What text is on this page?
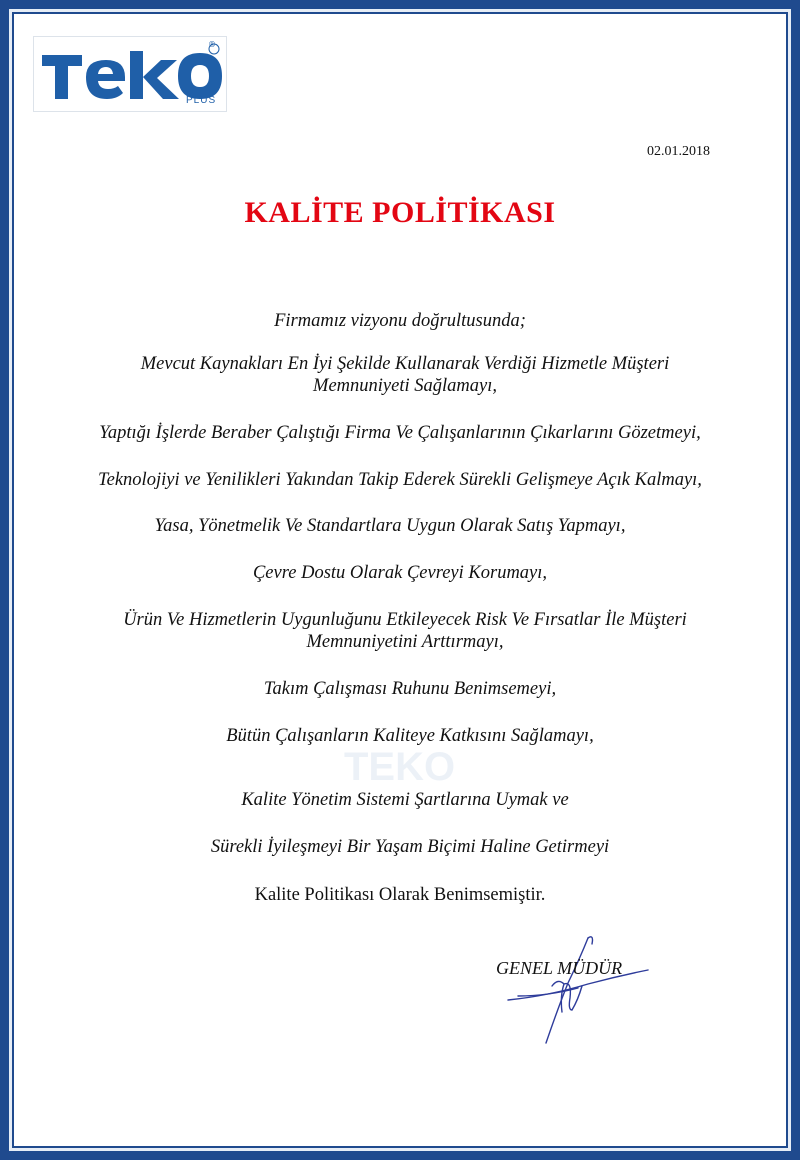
®
PLUS
02.01.2018
KALİTE POLİTİKASI
Firmamız vizyonu doğrultusunda;
Mevcut Kaynakları En İyi Şekilde Kullanarak Verdiği Hizmetle Müşteri Memnuniyeti Sağlamayı,
Yaptığı İşlerde Beraber Çalıştığı Firma Ve Çalışanlarının Çıkarlarını Gözetmeyi,
Teknolojiyi ve Yenilikleri Yakından Takip Ederek Sürekli Gelişmeye Açık Kalmayı,
Yasa, Yönetmelik Ve Standartlara Uygun Olarak Satış Yapmayı,
Çevre Dostu Olarak Çevreyi Korumayı,
Ürün Ve Hizmetlerin Uygunluğunu Etkileyecek Risk Ve Fırsatlar İle Müşteri Memnuniyetini Arttırmayı,
Takım Çalışması Ruhunu Benimsemeyi,
Bütün Çalışanların Kaliteye Katkısını Sağlamayı,
TEKO
Kalite Yönetim Sistemi Şartlarına Uymak ve
Sürekli İyileşmeyi Bir Yaşam Biçimi Haline Getirmeyi
Kalite Politikası Olarak Benimsemiştir.
GENEL MÜDÜR
